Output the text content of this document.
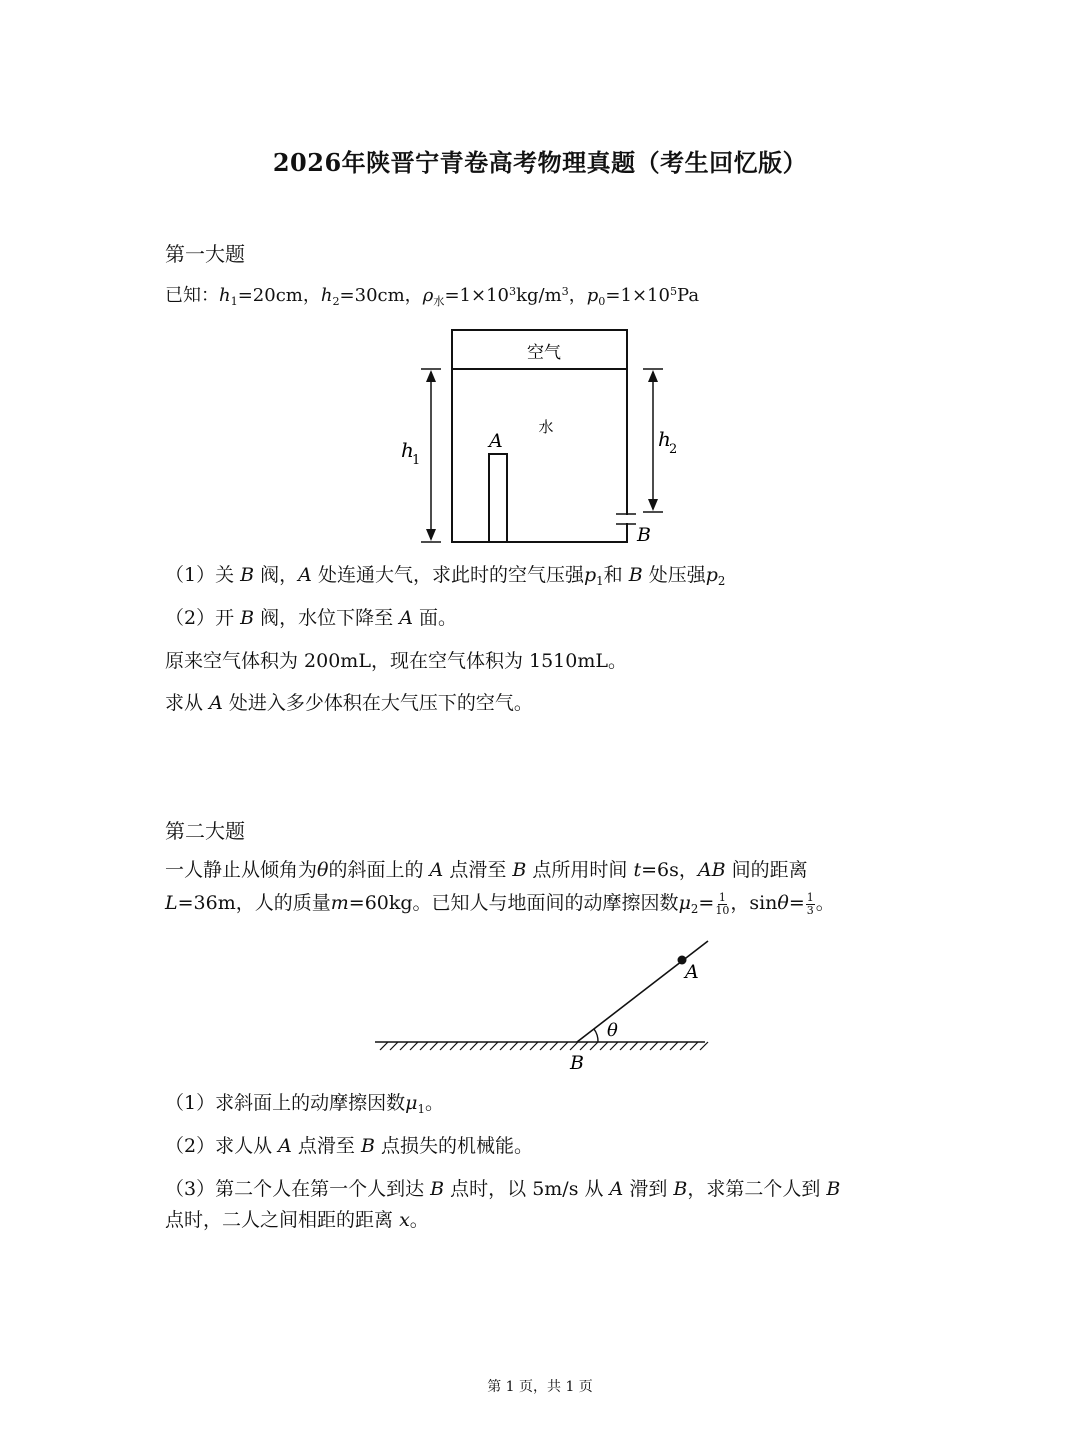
2026年陕晋宁青卷高考物理真题（考生回忆版）
第一大题
已知：$h_1=20cm$，$h_2=30cm$，$\rho_水=1\times 10^3kg/m^3$，$p_0=1\times 10^5Pa$
空气
水
A
B
h
1
h
2
A
B
θ
（1）关 B 阀，A 处连通大气，求此时的空气压强$p_1$和 B 处压强$p_2$
（2）开 B 阀，水位下降至 A 面。
原来空气体积为 200mL，现在空气体积为 1510mL。
求从 A 处进入多少体积在大气压下的空气。
第二大题
一人静止从倾角为θ的斜面上的 A 点滑至 B 点所用时间 t=6s，AB 间的距离
L=36m，人的质量m=60kg。已知人与地面间的动摩擦因数$\mu_2= \frac{1}{10}$ ，$\sin\theta= \frac{1}{3}$ 。
（1）求斜面上的动摩擦因数$\mu_1$。
（2）求人从 A 点滑至 B 点损失的机械能。
（3）第二个人在第一个人到达 B 点时，以 5m/s 从 A 滑到 B，求第二个人到 B
点时，二人之间相距的距离 x。
第 1 页，共 1 页
